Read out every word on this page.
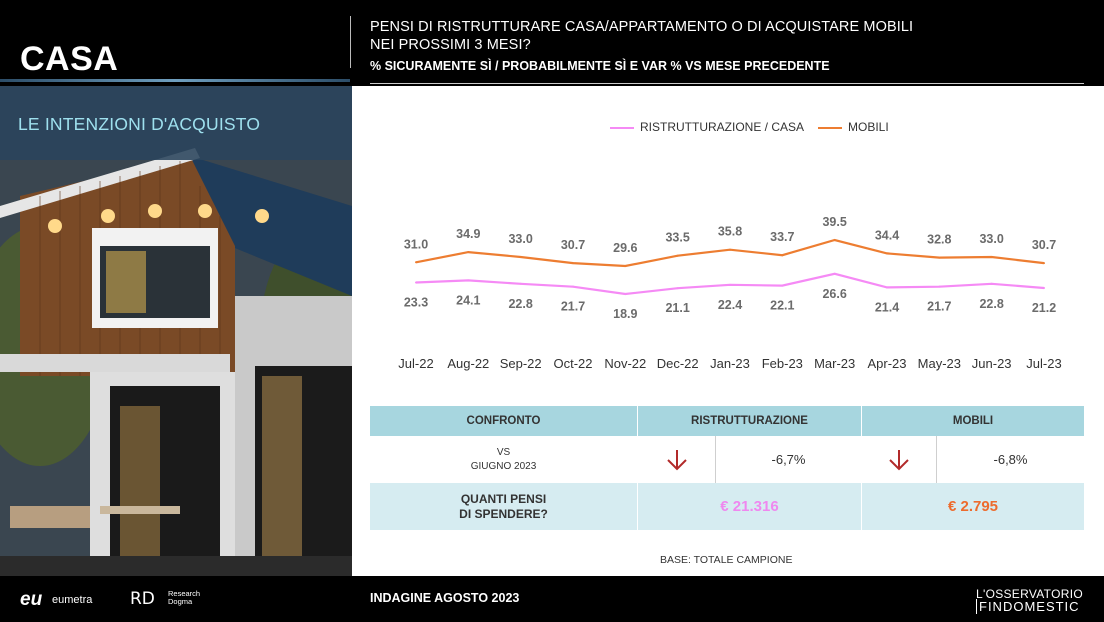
CASA
PENSI DI RISTRUTTURARE CASA/APPARTAMENTO O DI ACQUISTARE MOBILI
NEI PROSSIMI 3 MESI?
% SICURAMENTE SÌ / PROBABILMENTE SÌ E VAR % VS MESE PRECEDENTE
LE INTENZIONI D'ACQUISTO	RISTRUTTURAZIONE / CASA	MOBILI
23.3 24.1 22.8 21.7
18.9 21.1 22.4 22.1
26.6
21.4 21.7 22.8 21.2
31.0
34.9 33.0 30.7 29.6
33.5 35.8 33.7
39.5
34.4 32.8 33.0 30.7
Jul-22 Aug-22 Sep-22 Oct-22 Nov-22 Dec-22 Jan-23 Feb-23 Mar-23 Apr-23 May-23 Jun-23 Jul-23
CONFRONTO	RISTRUTTURAZIONE	MOBILI
VS
GIUGNO 2023	-6,7%	-6,8%
QUANTI PENSI
DI SPENDERE?	€ 21.316	€ 2.795
BASE: TOTALE CAMPIONE
eu eumetra RD Research
Dogma	INDAGINE AGOSTO 2023	L'OSSERVATORIO
FINDOMESTIC
